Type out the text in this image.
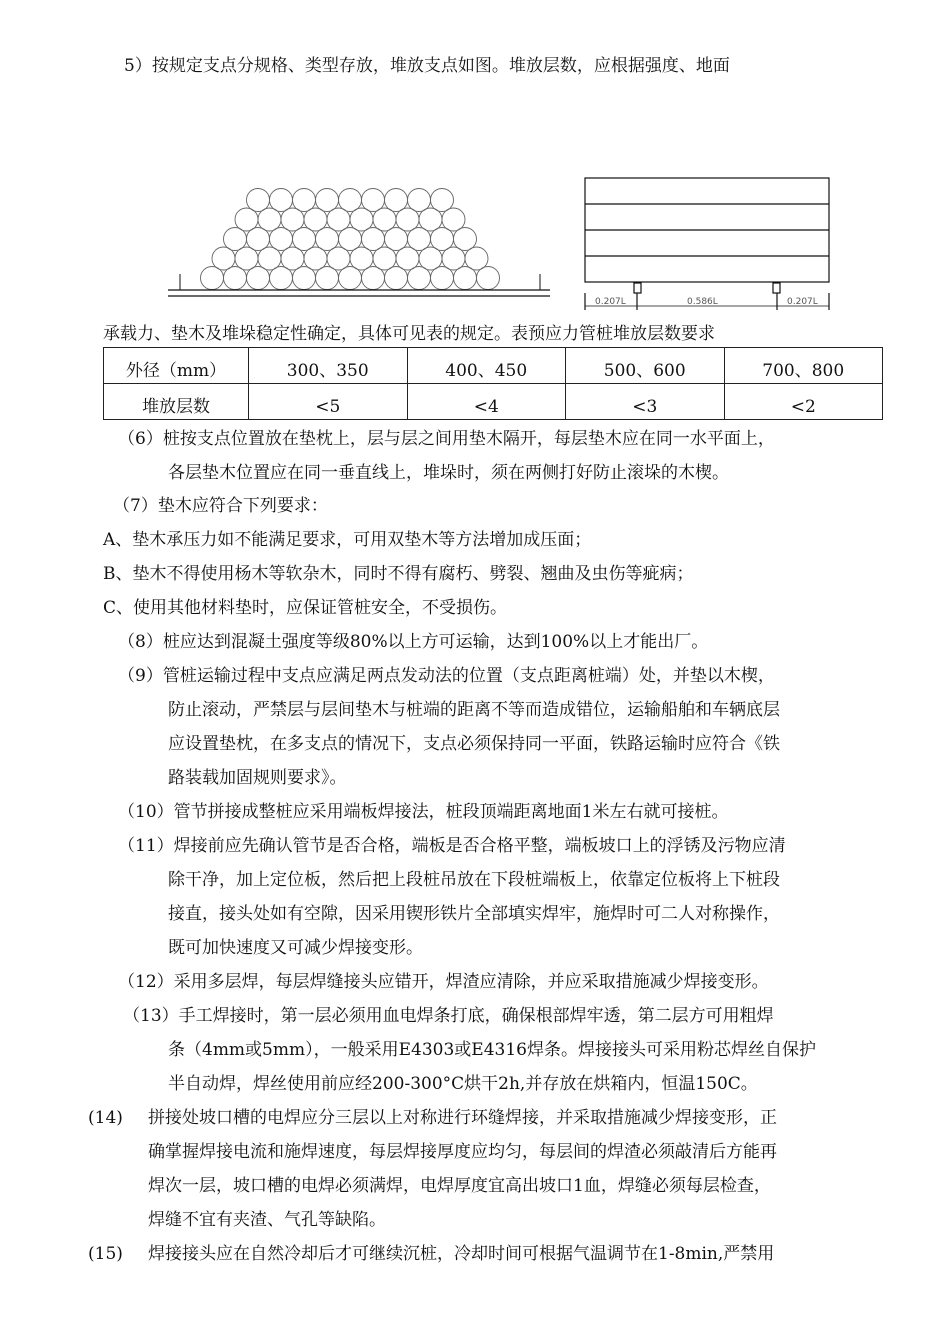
5）按规定支点分规格、类型存放，堆放支点如图。堆放层数，应根据强度、地面
0.207L	0.586L	0.207L
承载力、垫木及堆垛稳定性确定，具体可见表的规定。表预应力管桩堆放层数要求
外径（mm）	300、350	400、450	500、600	700、800
堆放层数	<5	<4	<3	<2
（6）桩按支点位置放在垫枕上，层与层之间用垫木隔开，每层垫木应在同一水平面上，
各层垫木位置应在同一垂直线上，堆垛时，须在两侧打好防止滚垛的木楔。
（7）垫木应符合下列要求：
A、垫木承压力如不能满足要求，可用双垫木等方法增加成压面；
B、垫木不得使用杨木等软杂木，同时不得有腐朽、劈裂、翘曲及虫伤等疵病；
C、使用其他材料垫时，应保证管桩安全，不受损伤。
（8）桩应达到混凝土强度等级80%以上方可运输，达到100%以上才能出厂。
（9）管桩运输过程中支点应满足两点发动法的位置（支点距离桩端）处，并垫以木楔，
防止滚动，严禁层与层间垫木与桩端的距离不等而造成错位，运输船舶和车辆底层
应设置垫枕，在多支点的情况下，支点必须保持同一平面，铁路运输时应符合《铁
路装载加固规则要求》。
（10）管节拼接成整桩应采用端板焊接法，桩段顶端距离地面1米左右就可接桩。
（11）焊接前应先确认管节是否合格，端板是否合格平整，端板坡口上的浮锈及污物应清
除干净，加上定位板，然后把上段桩吊放在下段桩端板上，依靠定位板将上下桩段
接直，接头处如有空隙，因采用锲形铁片全部填实焊牢，施焊时可二人对称操作，
既可加快速度又可减少焊接变形。
（12）采用多层焊，每层焊缝接头应错开，焊渣应清除，并应采取措施减少焊接变形。
（13）手工焊接时，第一层必须用血电焊条打底，确保根部焊牢透，第二层方可用粗焊
条（4mm或5mm），一般采用E4303或E4316焊条。焊接接头可采用粉芯焊丝自保护
半自动焊，焊丝使用前应经200-300°C烘干2h,并存放在烘箱内，恒温150C。
(14) 拼接处坡口槽的电焊应分三层以上对称进行环缝焊接，并采取措施减少焊接变形，正
确掌握焊接电流和施焊速度，每层焊接厚度应均匀，每层间的焊渣必须敲清后方能再
焊次一层，坡口槽的电焊必须满焊，电焊厚度宜高出坡口1血，焊缝必须每层检查，
焊缝不宜有夹渣、气孔等缺陷。
(15) 焊接接头应在自然冷却后才可继续沉桩，冷却时间可根据气温调节在1-8min,严禁用
